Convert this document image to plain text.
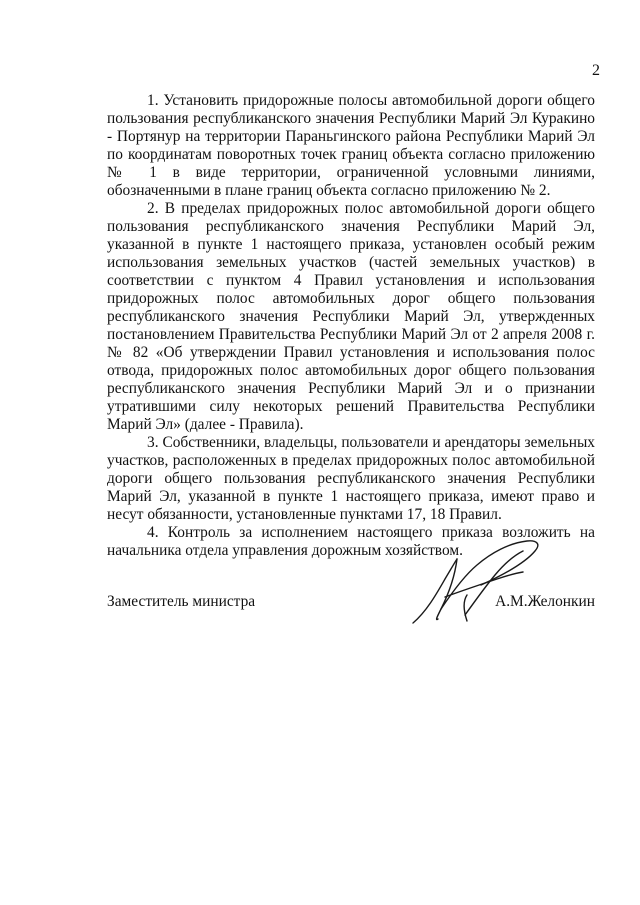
2

1. Установить придорожные полосы автомобильной дороги общего пользования республиканского значения Республики Марий Эл Куракино - Портянур на территории Параньгинского района Республики Марий Эл по координатам поворотных точек границ объекта согласно приложению № 1 в виде территории, ограниченной условными линиями, обозначенными в плане границ объекта согласно приложению № 2.

2. В пределах придорожных полос автомобильной дороги общего пользования республиканского значения Республики Марий Эл, указанной в пункте 1 настоящего приказа, установлен особый режим использования земельных участков (частей земельных участков) в соответствии с пунктом 4 Правил установления и использования придорожных полос автомобильных дорог общего пользования республиканского значения Республики Марий Эл, утвержденных постановлением Правительства Республики Марий Эл от 2 апреля 2008 г. № 82 «Об утверждении Правил установления и использования полос отвода, придорожных полос автомобильных дорог общего пользования республиканского значения Республики Марий Эл и о признании утратившими силу некоторых решений Правительства Республики Марий Эл» (далее - Правила).

3. Собственники, владельцы, пользователи и арендаторы земельных участков, расположенных в пределах придорожных полос автомобильной дороги общего пользования республиканского значения Республики Марий Эл, указанной в пункте 1 настоящего приказа, имеют право и несут обязанности, установленные пунктами 17, 18 Правил.

4. Контроль за исполнением настоящего приказа возложить на начальника отдела управления дорожным хозяйством.

Заместитель министра	А.М.Желонкин
